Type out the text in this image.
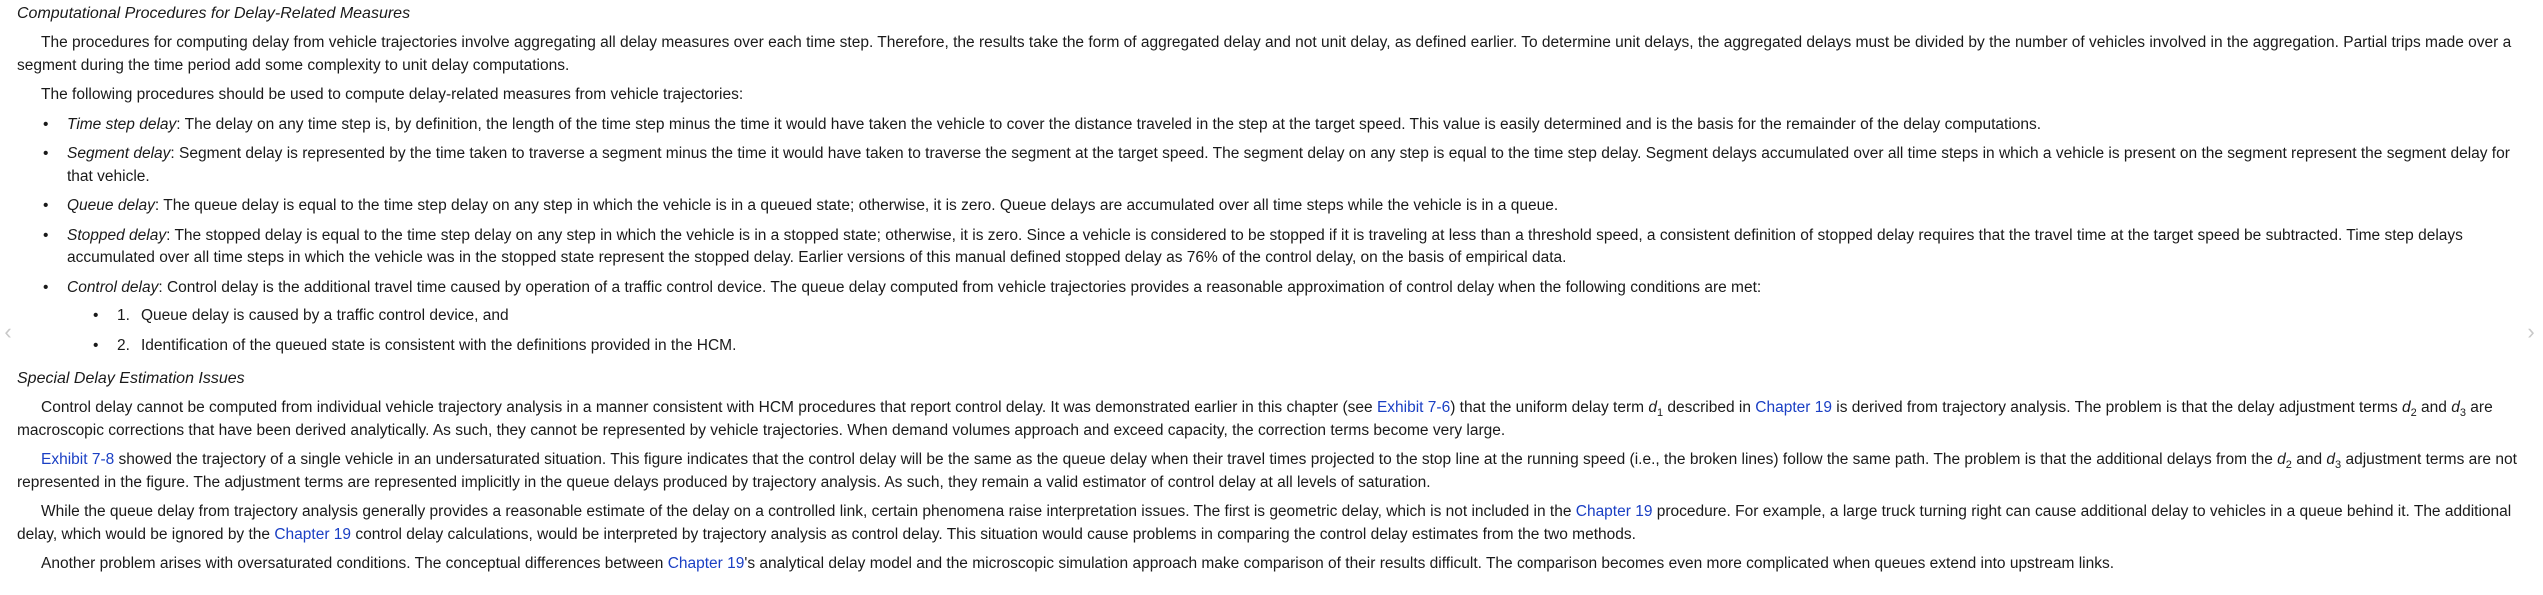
‹	›
Computational Procedures for Delay-Related Measures

The procedures for computing delay from vehicle trajectories involve aggregating all delay measures over each time step. Therefore, the results take the form of aggregated delay and not unit delay, as defined earlier. To determine unit delays, the aggregated delays must be divided by the number of vehicles involved in the aggregation. Partial trips made over a segment during the time period add some complexity to unit delay computations.

The following procedures should be used to compute delay-related measures from vehicle trajectories:

• Time step delay: The delay on any time step is, by definition, the length of the time step minus the time it would have taken the vehicle to cover the distance traveled in the step at the target speed. This value is easily determined and is the basis for the remainder of the delay computations.
• Segment delay: Segment delay is represented by the time taken to traverse a segment minus the time it would have taken to traverse the segment at the target speed. The segment delay on any step is equal to the time step delay. Segment delays accumulated over all time steps in which a vehicle is present on the segment represent the segment delay for that vehicle.
• Queue delay: The queue delay is equal to the time step delay on any step in which the vehicle is in a queued state; otherwise, it is zero. Queue delays are accumulated over all time steps while the vehicle is in a queue.
• Stopped delay: The stopped delay is equal to the time step delay on any step in which the vehicle is in a stopped state; otherwise, it is zero. Since a vehicle is considered to be stopped if it is traveling at less than a threshold speed, a consistent definition of stopped delay requires that the travel time at the target speed be subtracted. Time step delays accumulated over all time steps in which the vehicle was in the stopped state represent the stopped delay. Earlier versions of this manual defined stopped delay as 76% of the control delay, on the basis of empirical data.
• Control delay: Control delay is the additional travel time caused by operation of a traffic control device. The queue delay computed from vehicle trajectories provides a reasonable approximation of control delay when the following conditions are met:
• 1. Queue delay is caused by a traffic control device, and
• 2. Identification of the queued state is consistent with the definitions provided in the HCM.
Special Delay Estimation Issues

Control delay cannot be computed from individual vehicle trajectory analysis in a manner consistent with HCM procedures that report control delay. It was demonstrated earlier in this chapter (see Exhibit 7-6) that the uniform delay term $d_1$ described in Chapter 19 is derived from trajectory analysis. The problem is that the delay adjustment terms $d_2$ and $d_3$ are macroscopic corrections that have been derived analytically. As such, they cannot be represented by vehicle trajectories. When demand volumes approach and exceed capacity, the correction terms become very large.

Exhibit 7-8 showed the trajectory of a single vehicle in an undersaturated situation. This figure indicates that the control delay will be the same as the queue delay when their travel times projected to the stop line at the running speed (i.e., the broken lines) follow the same path. The problem is that the additional delays from the $d_2$ and $d_3$ adjustment terms are not represented in the figure. The adjustment terms are represented implicitly in the queue delays produced by trajectory analysis. As such, they remain a valid estimator of control delay at all levels of saturation.

While the queue delay from trajectory analysis generally provides a reasonable estimate of the delay on a controlled link, certain phenomena raise interpretation issues. The first is geometric delay, which is not included in the Chapter 19 procedure. For example, a large truck turning right can cause additional delay to vehicles in a queue behind it. The additional delay, which would be ignored by the Chapter 19 control delay calculations, would be interpreted by trajectory analysis as control delay. This situation would cause problems in comparing the control delay estimates from the two methods.

Another problem arises with oversaturated conditions. The conceptual differences between Chapter 19's analytical delay model and the microscopic simulation approach make comparison of their results difficult. The comparison becomes even more complicated when queues extend into upstream links.
